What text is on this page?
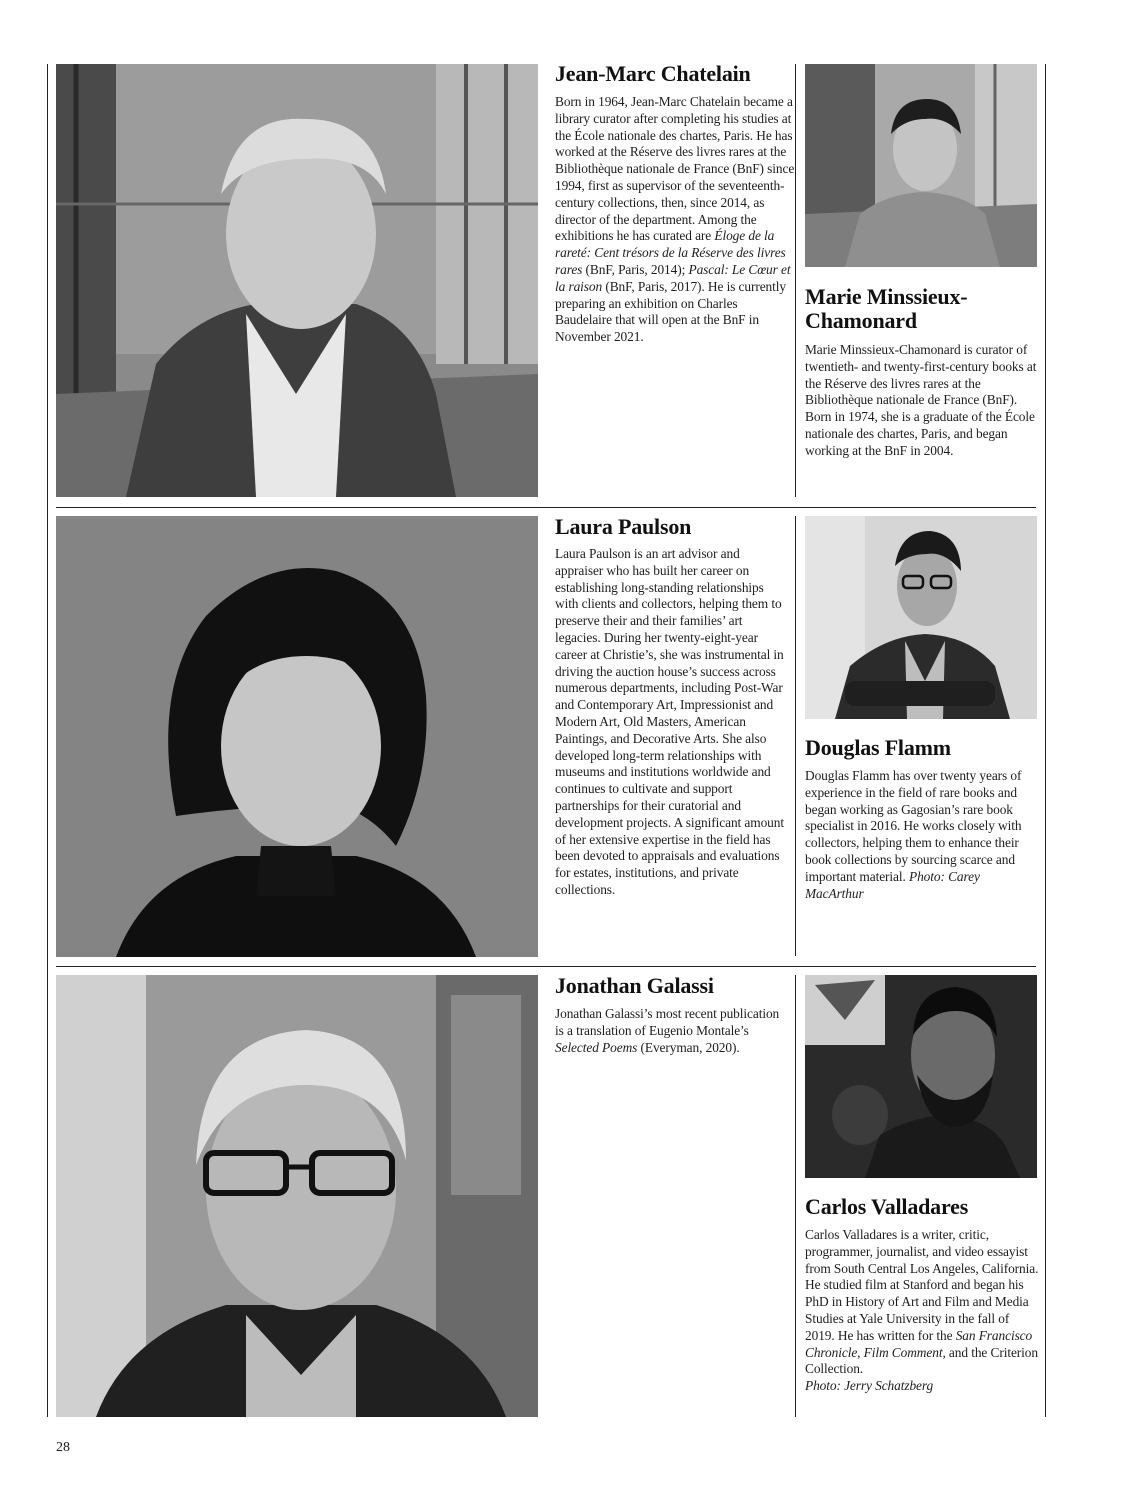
Jean-Marc Chatelain

Born in 1964, Jean-Marc Chatelain became a library curator after completing his studies at the École nationale des chartes, Paris. He has worked at the Réserve des livres rares at the Bibliothèque nationale de France (BnF) since 1994, first as supervisor of the seventeenth-century collections, then, since 2014, as director of the department. Among the exhibitions he has curated are Éloge de la rareté: Cent trésors de la Réserve des livres rares (BnF, Paris, 2014); Pascal: Le Cœur et la raison (BnF, Paris, 2017). He is currently preparing an exhibition on Charles Baudelaire that will open at the BnF in November 2021.

Marie Minssieux-
Chamonard

Marie Minssieux-Chamonard is curator of twentieth- and twenty-first-century books at the Réserve des livres rares at the Bibliothèque nationale de France (BnF). Born in 1974, she is a graduate of the École nationale des chartes, Paris, and began working at the BnF in 2004.

Laura Paulson

Laura Paulson is an art advisor and appraiser who has built her career on establishing long-standing relationships with clients and collectors, helping them to preserve their and their families’ art legacies. During her twenty-eight-year career at Christie’s, she was instrumental in driving the auction house’s success across numerous departments, including Post-War and Contemporary Art, Impressionist and Modern Art, Old Masters, American Paintings, and Decorative Arts. She also developed long-term relationships with museums and institutions worldwide and continues to cultivate and support partnerships for their curatorial and development projects. A significant amount of her extensive expertise in the field has been devoted to appraisals and evaluations for estates, institutions, and private collections.

Douglas Flamm

Douglas Flamm has over twenty years of experience in the field of rare books and began working as Gagosian’s rare book specialist in 2016. He works closely with collectors, helping them to enhance their book collections by sourcing scarce and important material. Photo: Carey MacArthur

Jonathan Galassi

Jonathan Galassi’s most recent publication is a translation of Eugenio Montale’s Selected Poems (Everyman, 2020).

Carlos Valladares

Carlos Valladares is a writer, critic, programmer, journalist, and video essayist from South Central Los Angeles, California. He studied film at Stanford and began his PhD in History of Art and Film and Media Studies at Yale University in the fall of 2019. He has written for the San Francisco Chronicle, Film Comment, and the Criterion Collection.
Photo: Jerry Schatzberg

28
